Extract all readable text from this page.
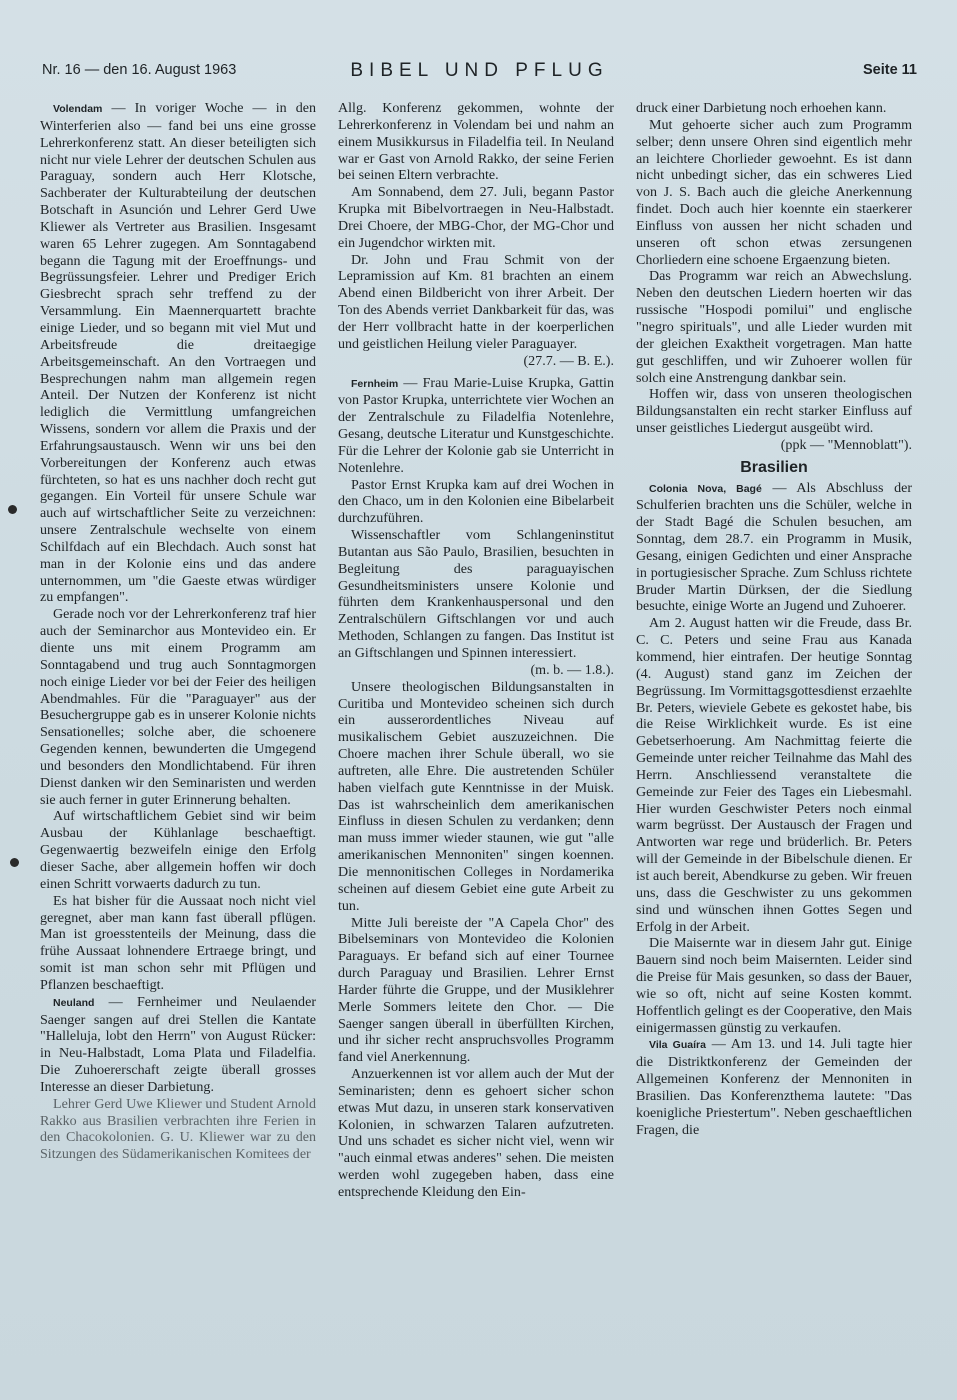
Nr. 16 — den 16. August 1963	BIBEL UND PFLUG	Seite 11

Volendam — In voriger Woche — in den Winterferien also — fand bei uns eine grosse Lehrerkonferenz statt. An dieser beteiligten sich nicht nur viele Lehrer der deutschen Schulen aus Paraguay, sondern auch Herr Klotsche, Sachberater der Kulturabteilung der deutschen Botschaft in Asunción und Lehrer Gerd Uwe Kliewer als Vertreter aus Brasilien. Insgesamt waren 65 Lehrer zugegen. Am Sonntagabend begann die Tagung mit der Eroeffnungs- und Begrüssungsfeier. Lehrer und Prediger Erich Giesbrecht sprach sehr treffend zu der Versammlung. Ein Maennerquartett brachte einige Lieder, und so begann mit viel Mut und Arbeitsfreude die dreitaegige Arbeitsgemeinschaft. An den Vortraegen und Besprechungen nahm man allgemein regen Anteil. Der Nutzen der Konferenz ist nicht lediglich die Vermittlung umfangreichen Wissens, sondern vor allem die Praxis und der Erfahrungsaustausch. Wenn wir uns bei den Vorbereitungen der Konferenz auch etwas fürchteten, so hat es uns nachher doch recht gut gegangen. Ein Vorteil für unsere Schule war auch auf wirtschaftlicher Seite zu verzeichnen: unsere Zentralschule wechselte von einem Schilfdach auf ein Blechdach. Auch sonst hat man in der Kolonie eins und das andere unternommen, um "die Gaeste etwas würdiger zu empfangen".

Gerade noch vor der Lehrerkonferenz traf hier auch der Seminarchor aus Montevideo ein. Er diente uns mit einem Programm am Sonntagabend und trug auch Sonntagmorgen noch einige Lieder vor bei der Feier des heiligen Abendmahles. Für die "Paraguayer" aus der Besuchergruppe gab es in unserer Kolonie nichts Sensationelles; solche aber, die schoenere Gegenden kennen, bewunderten die Umgegend und besonders den Mondlichtabend. Für ihren Dienst danken wir den Seminaristen und werden sie auch ferner in guter Erinnerung behalten.

Auf wirtschaftlichem Gebiet sind wir beim Ausbau der Kühlanlage beschaeftigt. Gegenwaertig bezweifeln einige den Erfolg dieser Sache, aber allgemein hoffen wir doch einen Schritt vorwaerts dadurch zu tun.

Es hat bisher für die Aussaat noch nicht viel geregnet, aber man kann fast überall pflügen. Man ist groesstenteils der Meinung, dass die frühe Aussaat lohnendere Ertraege bringt, und somit ist man schon sehr mit Pflügen und Pflanzen beschaeftigt.

Neuland — Fernheimer und Neulaender Saenger sangen auf drei Stellen die Kantate "Halleluja, lobt den Herrn" von August Rücker: in Neu-Halbstadt, Loma Plata und Filadelfia. Die Zuhoererschaft zeigte überall grosses Interesse an dieser Darbietung.

Lehrer Gerd Uwe Kliewer und Student Arnold Rakko aus Brasilien verbrachten ihre Ferien in den Chacokolonien. G. U. Kliewer war zu den Sitzungen des Südamerikanischen Komitees der

Allg. Konferenz gekommen, wohnte der Lehrerkonferenz in Volendam bei und nahm an einem Musikkursus in Filadelfia teil. In Neuland war er Gast von Arnold Rakko, der seine Ferien bei seinen Eltern verbrachte.

Am Sonnabend, dem 27. Juli, begann Pastor Krupka mit Bibelvortraegen in Neu-Halbstadt. Drei Choere, der MBG-Chor, der MG-Chor und ein Jugendchor wirkten mit.

Dr. John und Frau Schmit von der Lepramission auf Km. 81 brachten an einem Abend einen Bildbericht von ihrer Arbeit. Der Ton des Abends verriet Dankbarkeit für das, was der Herr vollbracht hatte in der koerperlichen und geistlichen Heilung vieler Paraguayer.

(27.7. — B. E.).

Fernheim — Frau Marie-Luise Krupka, Gattin von Pastor Krupka, unterrichtete vier Wochen an der Zentralschule zu Filadelfia Notenlehre, Gesang, deutsche Literatur und Kunstgeschichte. Für die Lehrer der Kolonie gab sie Unterricht in Notenlehre.

Pastor Ernst Krupka kam auf drei Wochen in den Chaco, um in den Kolonien eine Bibelarbeit durchzuführen.

Wissenschaftler vom Schlangeninstitut Butantan aus São Paulo, Brasilien, besuchten in Begleitung des paraguayischen Gesundheitsministers unsere Kolonie und führten dem Krankenhauspersonal und den Zentralschülern Giftschlangen vor und auch Methoden, Schlangen zu fangen. Das Institut ist an Giftschlangen und Spinnen interessiert.

(m. b. — 1.8.).

Unsere theologischen Bildungsanstalten in Curitiba und Montevideo scheinen sich durch ein ausserordentliches Niveau auf musikalischem Gebiet auszuzeichnen. Die Choere machen ihrer Schule überall, wo sie auftreten, alle Ehre. Die austretenden Schüler haben vielfach gute Kenntnisse in der Muisk. Das ist wahrscheinlich dem amerikanischen Einfluss in diesen Schulen zu verdanken; denn man muss immer wieder staunen, wie gut "alle amerikanischen Mennoniten" singen koennen. Die mennonitischen Colleges in Nordamerika scheinen auf diesem Gebiet eine gute Arbeit zu tun.

Mitte Juli bereiste der "A Capela Chor" des Bibelseminars von Montevideo die Kolonien Paraguays. Er befand sich auf einer Tournee durch Paraguay und Brasilien. Lehrer Ernst Harder führte die Gruppe, und der Musiklehrer Merle Sommers leitete den Chor. — Die Saenger sangen überall in überfüllten Kirchen, und ihr sicher recht anspruchsvolles Programm fand viel Anerkennung.

Anzuerkennen ist vor allem auch der Mut der Seminaristen; denn es gehoert sicher schon etwas Mut dazu, in unseren stark konservativen Kolonien, in schwarzen Talaren aufzutreten. Und uns schadet es sicher nicht viel, wenn wir "auch einmal etwas anderes" sehen. Die meisten werden wohl zugegeben haben, dass eine entsprechende Kleidung den Ein-

druck einer Darbietung noch erhoehen kann.

Mut gehoerte sicher auch zum Programm selber; denn unsere Ohren sind eigentlich mehr an leichtere Chorlieder gewoehnt. Es ist dann nicht unbedingt sicher, das ein schweres Lied von J. S. Bach auch die gleiche Anerkennung findet. Doch auch hier koennte ein staerkerer Einfluss von aussen her nicht schaden und unseren oft schon etwas zersungenen Chorliedern eine schoene Ergaenzung bieten.

Das Programm war reich an Abwechslung. Neben den deutschen Liedern hoerten wir das russische "Hospodi pomilui" und englische "negro spirituals", und alle Lieder wurden mit der gleichen Exaktheit vorgetragen. Man hatte gut geschliffen, und wir Zuhoerer wollen für solch eine Anstrengung dankbar sein.

Hoffen wir, dass von unseren theologischen Bildungsanstalten ein recht starker Einfluss auf unser geistliches Liedergut ausgeübt wird.

(ppk — "Mennoblatt").

Brasilien

Colonia Nova, Bagé — Als Abschluss der Schulferien brachten uns die Schüler, welche in der Stadt Bagé die Schulen besuchen, am Sonntag, dem 28.7. ein Programm in Musik, Gesang, einigen Gedichten und einer Ansprache in portugiesischer Sprache. Zum Schluss richtete Bruder Martin Dürksen, der die Siedlung besuchte, einige Worte an Jugend und Zuhoerer.

Am 2. August hatten wir die Freude, dass Br. C. C. Peters und seine Frau aus Kanada kommend, hier eintrafen. Der heutige Sonntag (4. August) stand ganz im Zeichen der Begrüssung. Im Vormittagsgottesdienst erzaehlte Br. Peters, wieviele Gebete es gekostet habe, bis die Reise Wirklichkeit wurde. Es ist eine Gebetserhoerung. Am Nachmittag feierte die Gemeinde unter reicher Teilnahme das Mahl des Herrn. Anschliessend veranstaltete die Gemeinde zur Feier des Tages ein Liebesmahl. Hier wurden Geschwister Peters noch einmal warm begrüsst. Der Austausch der Fragen und Antworten war rege und brüderlich. Br. Peters will der Gemeinde in der Bibelschule dienen. Er ist auch bereit, Abendkurse zu geben. Wir freuen uns, dass die Geschwister zu uns gekommen sind und wünschen ihnen Gottes Segen und Erfolg in der Arbeit.

Die Maisernte war in diesem Jahr gut. Einige Bauern sind noch beim Maisernten. Leider sind die Preise für Mais gesunken, so dass der Bauer, wie so oft, nicht auf seine Kosten kommt. Hoffentlich gelingt es der Cooperative, den Mais einigermassen günstig zu verkaufen.

Vila Guaíra — Am 13. und 14. Juli tagte hier die Distriktkonferenz der Gemeinden der Allgemeinen Konferenz der Mennoniten in Brasilien. Das Konferenzthema lautete: "Das koenigliche Priestertum". Neben geschaeftlichen Fragen, die
